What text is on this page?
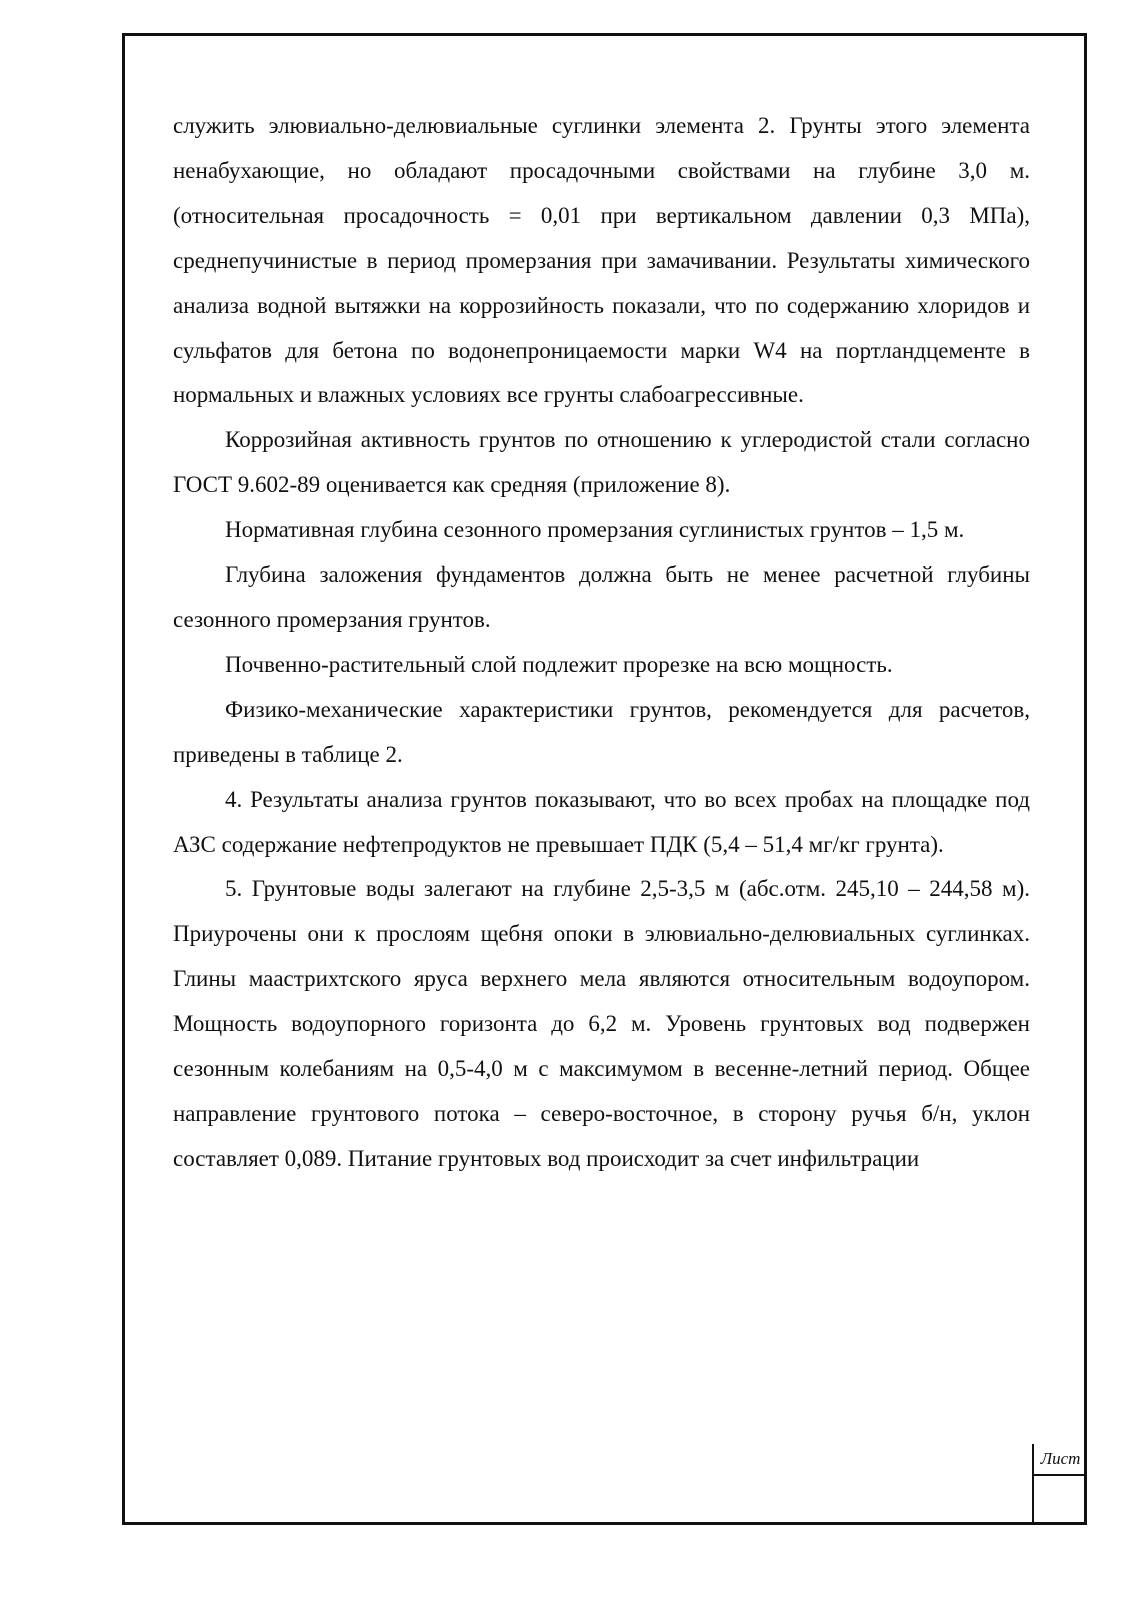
служить элювиально-делювиальные суглинки элемента 2. Грунты этого элемента ненабухающие, но обладают просадочными свойствами на глубине 3,0 м. (относительная просадочность = 0,01 при вертикальном давлении 0,3 МПа), среднепучинистые в период промерзания при замачивании. Результаты химического анализа водной вытяжки на коррозийность показали, что по содержанию хлоридов и сульфатов для бетона по водонепроницаемости марки W4 на портландцементе в нормальных и влажных условиях все грунты слабоагрессивные.

Коррозийная активность грунтов по отношению к углеродистой стали согласно ГОСТ 9.602-89 оценивается как средняя (приложение 8).

Нормативная глубина сезонного промерзания суглинистых грунтов – 1,5 м.

Глубина заложения фундаментов должна быть не менее расчетной глубины сезонного промерзания грунтов.

Почвенно-растительный слой подлежит прорезке на всю мощность.

Физико-механические характеристики грунтов, рекомендуется для расчетов, приведены в таблице 2.

4. Результаты анализа грунтов показывают, что во всех пробах на площадке под АЗС содержание нефтепродуктов не превышает ПДК (5,4 – 51,4 мг/кг грунта).

5. Грунтовые воды залегают на глубине 2,5-3,5 м (абс.отм. 245,10 – 244,58 м). Приурочены они к прослоям щебня опоки в элювиально-делювиальных суглинках. Глины маастрихтского яруса верхнего мела являются относительным водоупором. Мощность водоупорного горизонта до 6,2 м. Уровень грунтовых вод подвержен сезонным колебаниям на 0,5-4,0 м с максимумом в весенне-летний период. Общее направление грунтового потока – северо-восточное, в сторону ручья б/н, уклон составляет 0,089. Питание грунтовых вод происходит за счет инфильтрации

Лист
